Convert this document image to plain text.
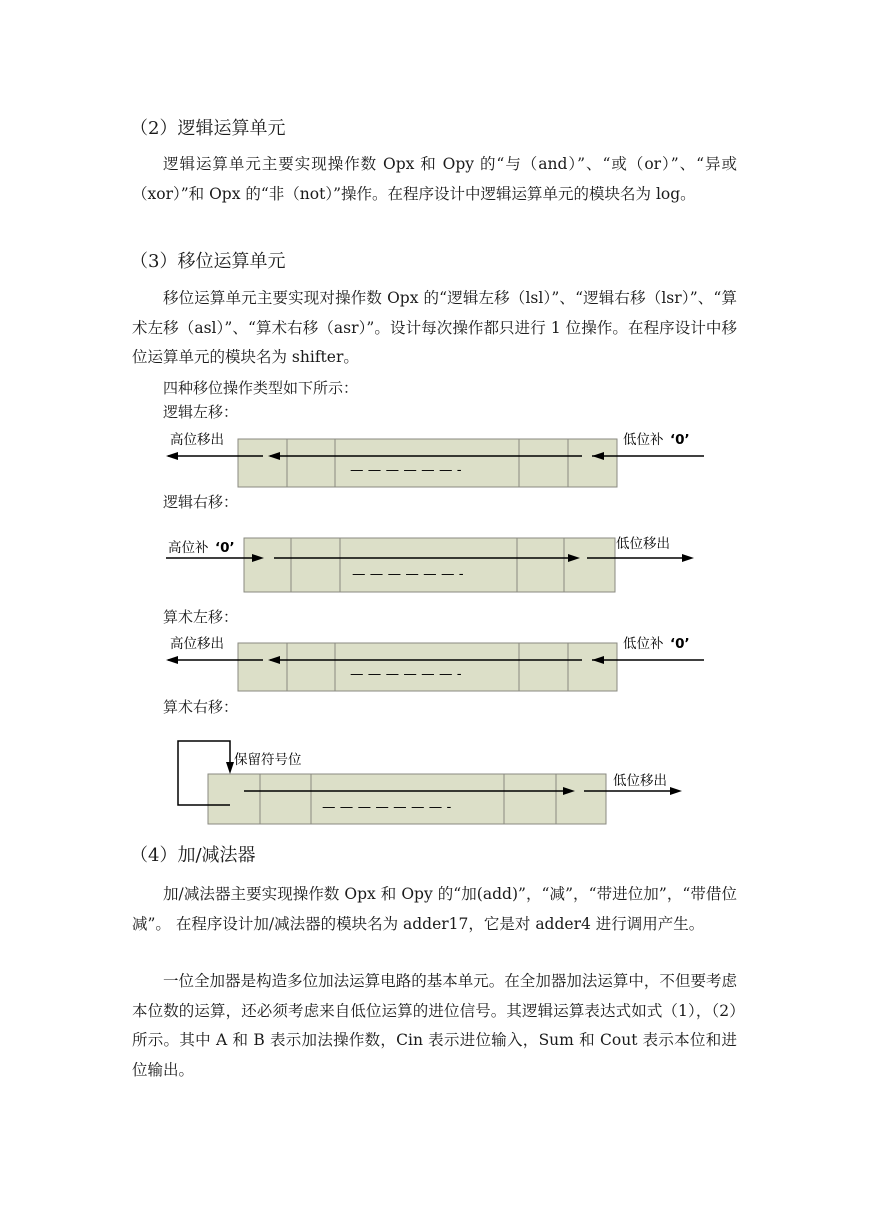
（2）逻辑运算单元

逻辑运算单元主要实现操作数 Opx 和 Opy 的“与（and）”、“或（or）”、“异或（xor）”和 Opx 的“非（not）”操作。在程序设计中逻辑运算单元的模块名为 log。

（3）移位运算单元

移位运算单元主要实现对操作数 Opx 的“逻辑左移（lsl）”、“逻辑右移（lsr）”、“算术左移（asl）”、“算术右移（asr）”。设计每次操作都只进行 1 位操作。在程序设计中移位运算单元的模块名为 shifter。

四种移位操作类型如下所示：
逻辑左移：
高位移出	低位补 ‘0’
— — — — — — -
逻辑右移：
高位补 ‘0’	低位移出
— — — — — — -
算术左移：
高位移出	低位补 ‘0’
— — — — — — -
算术右移：
保留符号位
低位移出
— — — — — — — -
（4）加/减法器

加/减法器主要实现操作数 Opx 和 Opy 的“加(add)”，“减”，“带进位加”，“带借位减”。 在程序设计加/减法器的模块名为 adder17，它是对 adder4 进行调用产生。

一位全加器是构造多位加法运算电路的基本单元。在全加器加法运算中，不但要考虑本位数的运算，还必须考虑来自低位运算的进位信号。其逻辑运算表达式如式（1），（2）所示。其中 A 和 B 表示加法操作数，Cin 表示进位输入，Sum 和 Cout 表示本位和进位输出。
